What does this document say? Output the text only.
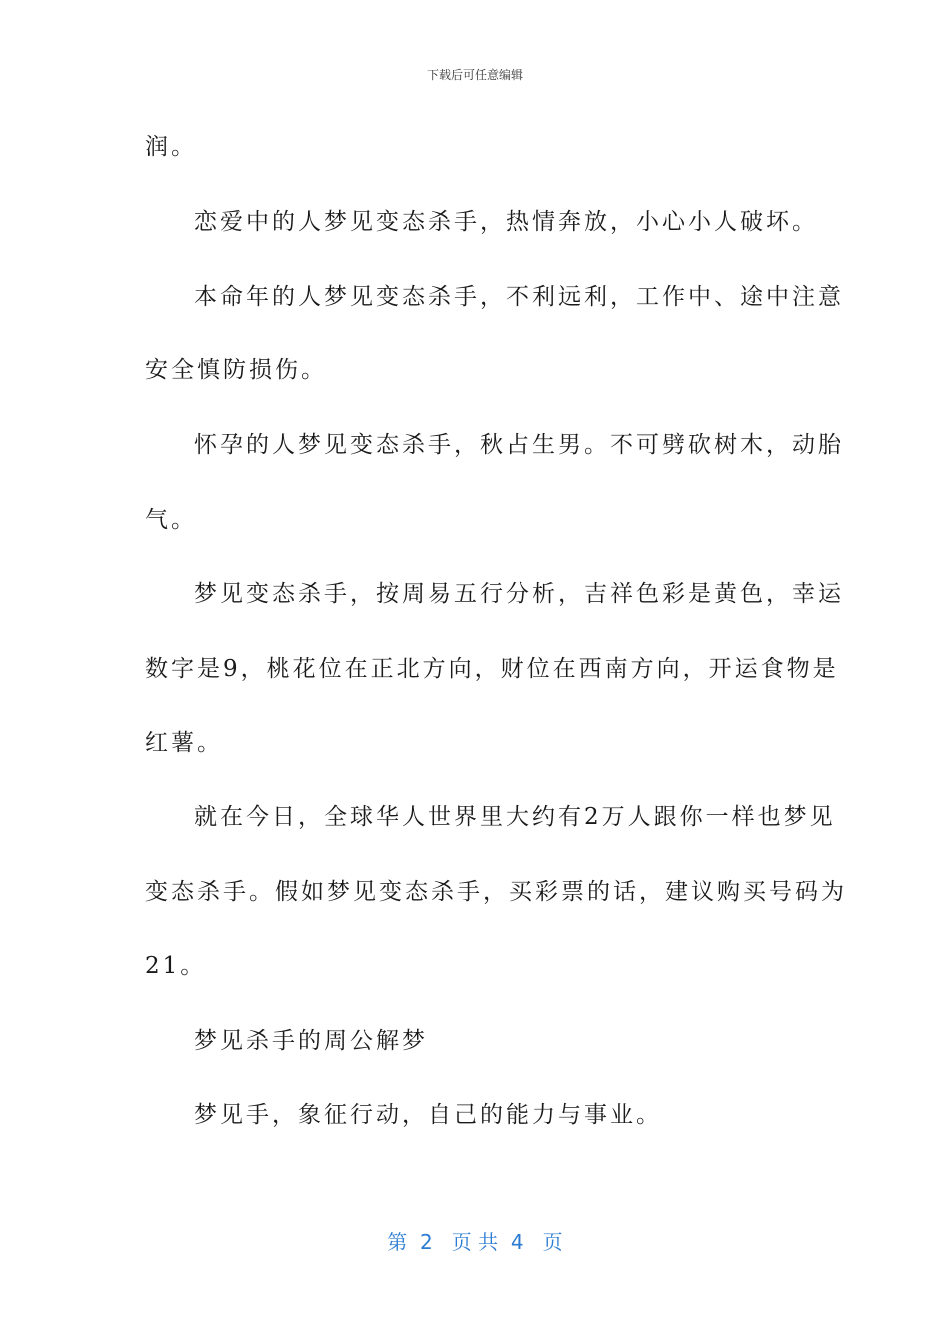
下载后可任意编辑
润。
恋爱中的人梦见变态杀手，热情奔放，小心小人破坏。
本命年的人梦见变态杀手，不利远利，工作中、途中注意
安全慎防损伤。
怀孕的人梦见变态杀手，秋占生男。不可劈砍树木，动胎
气。
梦见变态杀手，按周易五行分析，吉祥色彩是黄色，幸运
数字是9，桃花位在正北方向，财位在西南方向，开运食物是
红薯。
就在今日，全球华人世界里大约有2万人跟你一样也梦见
变态杀手。假如梦见变态杀手，买彩票的话，建议购买号码为
21。
梦见杀手的周公解梦
梦见手，象征行动，自己的能力与事业。
第  2   页 共  4   页
